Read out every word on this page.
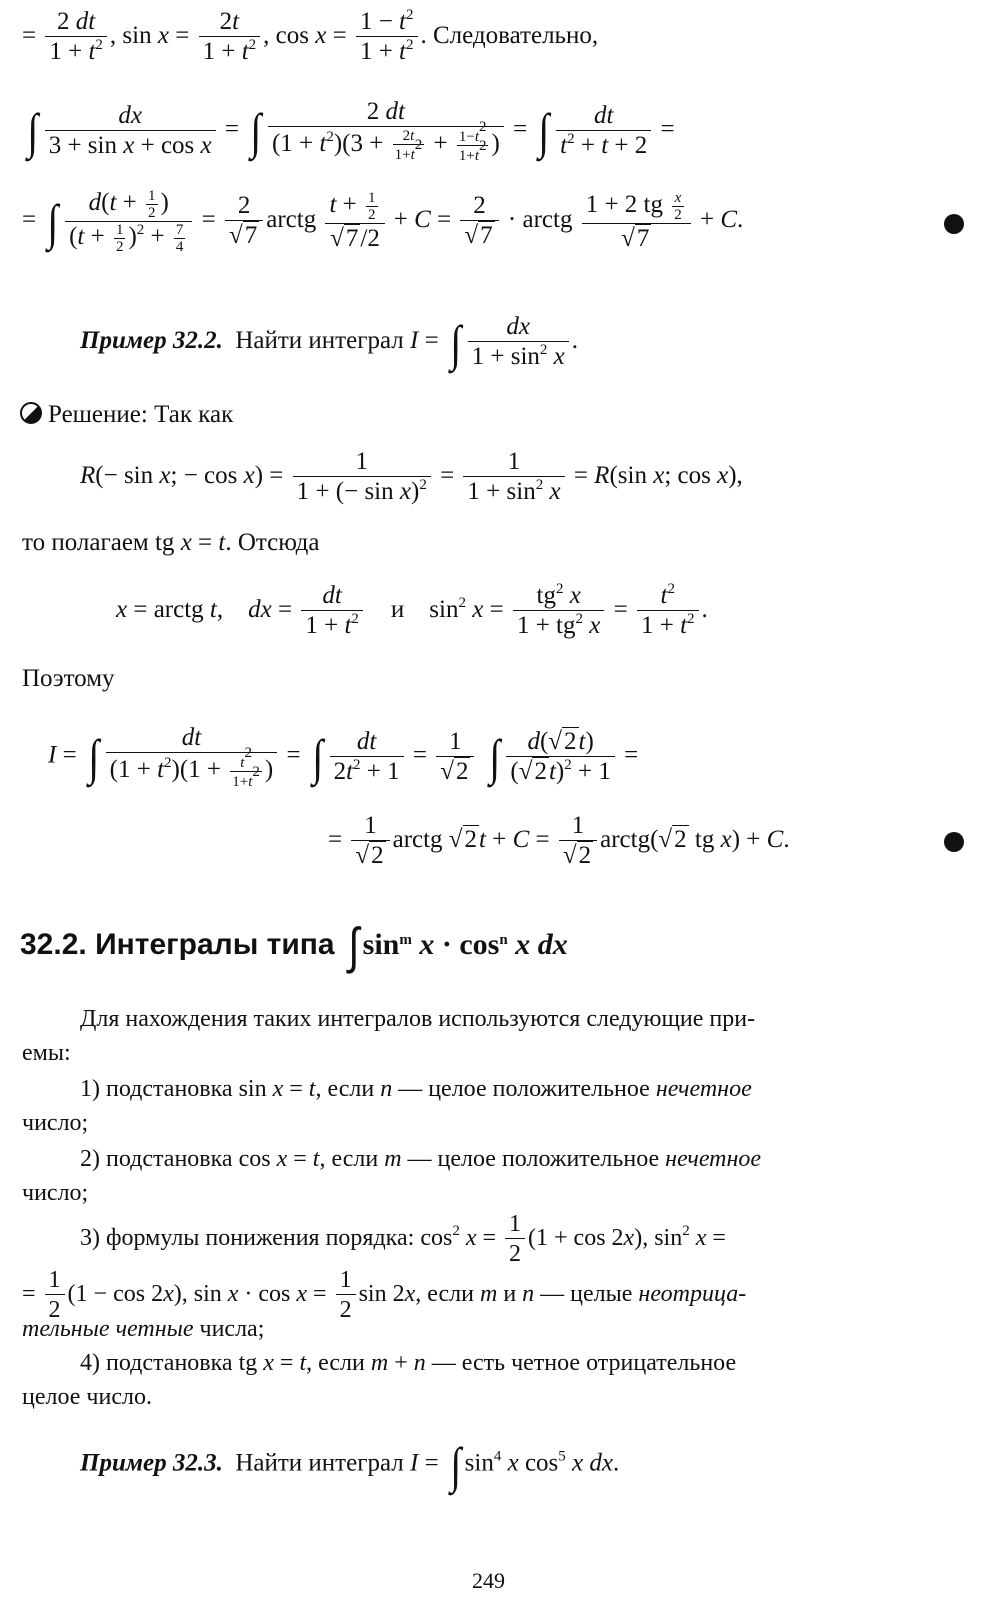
= $\frac{2 dt}{1 + t^2}$ , $\sin x = \frac{2t}{1 + t^2}$ , $\cos x = \frac{1 - t^2}{1 + t^2}$ . Следовательно,
∫ $\frac{dx}{\text{3 + sin x + cos x}}$ = ∫ $\frac{2 dt}{(1 + t^2)(3 + \frac{2t}{1+t^2} + \frac{1-t^2}{1+t^2} )}$ = ∫ $\frac{dt}{t^2 + t + 2}$ =
= ∫ $\frac{d(t + \frac{1}{2} )}{(t + \frac{1}{2} )^2 + \frac{7}{4}} = \frac{2}{√7}$ arctg $\frac{t + \frac{1}{2}}{√7/2} + C = \frac{2}{√7}$ · arctg $\frac{1 + 2 tg \frac{x}{2}}{√7} + C$.
Пример 32.2. Найти интеграл I = ∫ $\frac{dx}{1 + \sin^2 x}$ .
Решение: Так как
R(− sin x; − $\cos x) = \frac{1}{1 + (- \sin x)^2} = \frac{1}{1 + \sin^2 x} = R(\sin$ x; cos x),
то полагаем tg x = t. Отсюда
x = arctg t,    dx = $\frac{dt}{1 + t^2}$ и    $\sin^2 x = \frac{tg^2 x}{1 + tg^2 x} = \frac{t^2}{1 + t^2}$ .
Поэтому
I = ∫ $\frac{dt}{(1 + t^2)(1 + \frac{t^2}{1+t^2} )}$ = ∫ $\frac{dt}{2t^2 + 1} = \frac{1}{√2}$ ∫ $\frac{d(√2t)}{(√2t)^2 + 1}$ =
= $\frac{1}{√2}$ arctg $√2t + C = \frac{1}{√2}$ arctg(√2 tg x) + C.
32.2. Интегралы типа ∫ $\sin^m x \cdot \cos^n x$ dx
Для нахождения таких интегралов используются следующие при-
емы:
1) подстановка sin x = t, если n — целое положительное нечетное
число;
2) подстановка cos x = t, если m — целое положительное нечетное
число;
3) формулы понижения порядка: $\cos^2 x = \frac{1}{2} (1 + \cos 2x)$, $\sin^2 x$ =
= $\frac{1}{2} (1 - \cos 2x)$, $\sin x \cdot \cos x = \frac{1}{2}$ sin 2x, если m и n — целые неотрица-
тельные четные числа;
4) подстановка tg x = t, если m + n — есть четное отрицательное
целое число.
Пример 32.3. Найти интеграл I = ∫ $\sin^4 x$ $\cos^5 x$ dx.
249
